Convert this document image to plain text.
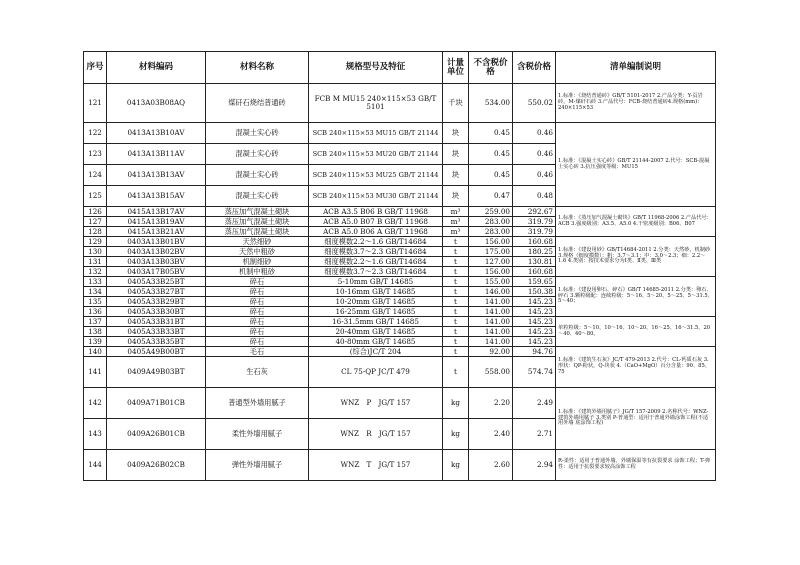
序号	材料编码	材料名称	规格型号及特征	计量单位	不含税价 格	含税价格	清单编制说明
121	0413A03B08AQ	煤矸石烧结普通砖	FCB M MU15 240×115×53 GB/T 5101	千块	534.00	550.02	1.标准：《烧结普通砖》GB/T 5101-2017 2.产品分类：Y-页岩砖，M-煤矸石砖 3.产品代号：FCB-烧结普通砖4.规格(mm)：240×115×53
122	0413A13B10AV	混凝土实心砖	SCB 240×115×53 MU15 GB/T 21144	块	0.45	0.46	1.标准：《混凝土实心砖》GB/T 21144-2007 2.代号：SCB-混凝土实心砖 3.抗压强度等级：MU15
123	0413A13B11AV	混凝土实心砖	SCB 240×115×53 MU20 GB/T 21144	块	0.45	0.46	
124	0413A13B13AV	混凝土实心砖	SCB 240×115×53 MU25 GB/T 21144	块	0.45	0.46	
125	0413A13B15AV	混凝土实心砖	SCB 240×115×53 MU30 GB/T 21144	块	0.47	0.48	
126	0415A13B17AV	蒸压加气混凝土砌块	ACB A3.5 B06 B GB/T 11968	m³	259.00	292.67	1.标准：《蒸压加气混凝土砌块》GB/T 11968-2006 2.产品代号：ACB 3.强度级别：A3.5、A5.0 4.干密度级别：B06、B07
127	0415A13B19AV	蒸压加气混凝土砌块	ACB A5.0 B07 B GB/T 11968	m³	283.00	319.79	
128	0415A13B21AV	蒸压加气混凝土砌块	ACB A5.0 B06 A GB/T 11968	m³	283.00	319.79	
129	0403A13B01BV	天然细砂	细度模数2.2～1.6 GB/T14684	t	156.00	160.68	1.标准：《建设用砂》GB/T14684-2011 2.分类：天然砂，机制砂 3.规格（细度模数）：粗：3.7～3.1；中：3.0～2.3；细：2.2～1.6 4.类别：按技术要求分为Ⅰ类、Ⅱ类、Ⅲ类
130	0403A13B02BV	天然中粗砂	细度模数3.7～2.3 GB/T14684	t	175.00	180.25	
131	0403A13B03BV	机制细砂	细度模数2.2～1.6 GB/T14684	t	127.00	130.81	
132	0403A17B05BV	机制中粗砂	细度模数3.7～2.3 GB/T14684	t	156.00	160.68	
133	0405A33B25BT	碎石	5-10mm GB/T 14685	t	155.00	159.65	1.标准：《建设用卵石、碎石》GB/T 14685-2011 2.分类：卵石、碎石 3.颗粒级配：连续粒级：5～16、5～20、5～25、5～31.5、5～40；
134	0405A33B27BT	碎石	10-16mm GB/T 14685	t	146.00	150.38	
135	0405A33B29BT	碎石	10-20mm GB/T 14685	t	141.00	145.23	
136	0405A33B30BT	碎石	16-25mm GB/T 14685	t	141.00	145.23	
137	0405A33B31BT	碎石	16-31.5mm GB/T 14685	t	141.00	145.23	单粒粒级：5～10、10～16、10～20、16～25、16～31.5、20～40、40～80。
138	0405A33B33BT	碎石	20-40mm GB/T 14685	t	141.00	145.23	
139	0405A33B35BT	碎石	40-80mm GB/T 14685	t	141.00	145.23	
140	0405A49B00BT	毛石	(综合)JC/T 204	t	92.00	94.76	1.标准：《建筑生石灰》JC/T 479-2013 2.代号：CL-钙质石灰 3.形状：QP-粉状，Q-块状 4.（CaO+MgO）百分含量：90、85、75
141	0409A49B03BT	生石灰	CL 75-QP JC/T 479	t	558.00	574.74	
142	0409A71B01CB	普通型外墙用腻子	WNZ　P　JG/T 157	kg	2.20	2.49	1.标准：《建筑外墙用腻子》JG/T 157-2009 2.名称代号：WNZ-建筑外墙用腻子 3.类别 P-普通型：适用于普通外墙涂饰工程(不适用外墙 底涂饰工程)
143	0409A26B01CB	柔性外墙用腻子	WNZ　R　JG/T 157	kg	2.40	2.71	
144	0409A26B02CB	弹性外墙用腻子	WNZ　T　JG/T 157	kg	2.60	2.94	R-柔性：适用于普通外墙、外墙保温等有抗裂要求 涂饰工程；T-弹性：适用于抗裂要求较高涂饰工程
